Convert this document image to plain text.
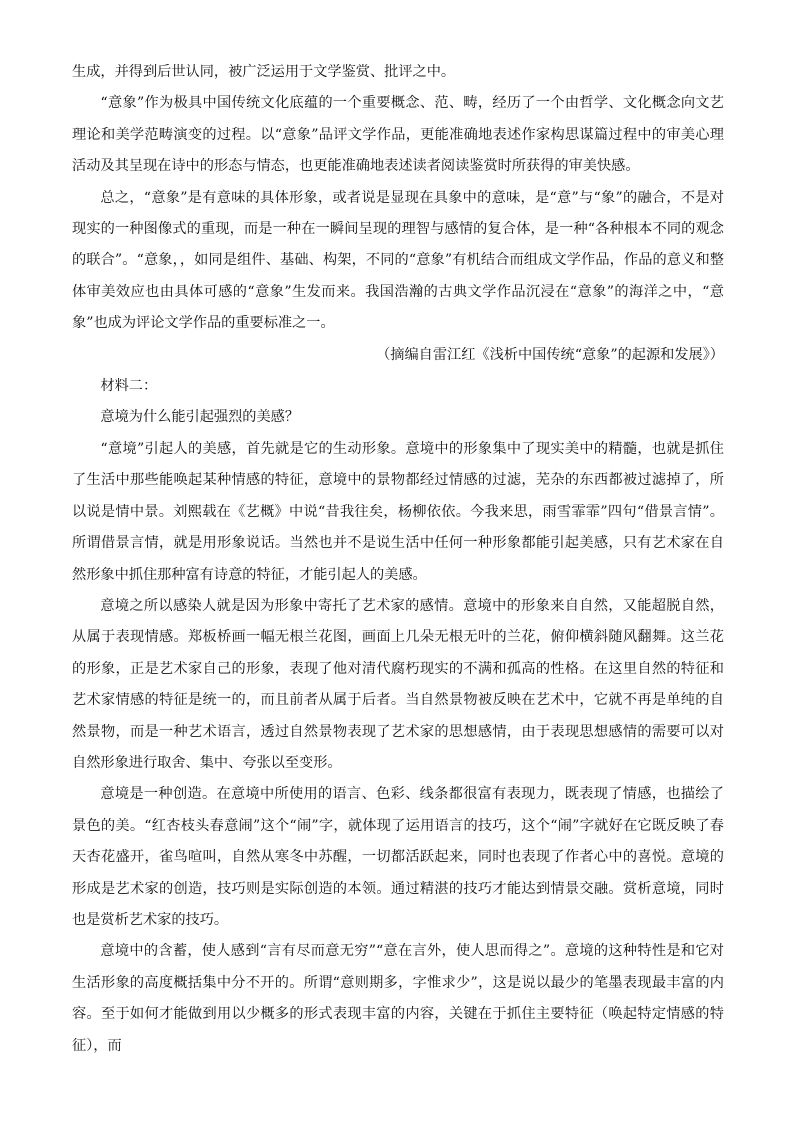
生成，并得到后世认同，被广泛运用于文学鉴赏、批评之中。

“意象”作为极具中国传统文化底蕴的一个重要概念、范、畴，经历了一个由哲学、文化概念向文艺理论和美学范畴演变的过程。以“意象”品评文学作品，更能准确地表述作家构思谋篇过程中的审美心理活动及其呈现在诗中的形态与情态，也更能准确地表述读者阅读鉴赏时所获得的审美快感。

总之，“意象”是有意味的具体形象，或者说是显现在具象中的意味，是“意”与“象”的融合，不是对现实的一种图像式的重现，而是一种在一瞬间呈现的理智与感情的复合体，是一种“各种根本不同的观念的联合”。“意象，，如同是组件、基础、构架，不同的“意象”有机结合而组成文学作品，作品的意义和整体审美效应也由具体可感的“意象”生发而来。我国浩瀚的古典文学作品沉浸在“意象”的海洋之中，“意象”也成为评论文学作品的重要标准之一。

（摘编自雷江红《浅析中国传统“意象”的起源和发展》）

材料二：

意境为什么能引起强烈的美感？

“意境”引起人的美感，首先就是它的生动形象。意境中的形象集中了现实美中的精髓，也就是抓住了生活中那些能唤起某种情感的特征，意境中的景物都经过情感的过滤，芜杂的东西都被过滤掉了，所以说是情中景。刘熙载在《艺概》中说“昔我往矣，杨柳依依。今我来思，雨雪霏霏”四句“借景言情”。所谓借景言情，就是用形象说话。当然也并不是说生活中任何一种形象都能引起美感，只有艺术家在自然形象中抓住那种富有诗意的特征，才能引起人的美感。

意境之所以感染人就是因为形象中寄托了艺术家的感情。意境中的形象来自自然，又能超脱自然，从属于表现情感。郑板桥画一幅无根兰花图，画面上几朵无根无叶的兰花，俯仰横斜随风翻舞。这兰花的形象，正是艺术家自己的形象，表现了他对清代腐朽现实的不满和孤高的性格。在这里自然的特征和艺术家情感的特征是统一的，而且前者从属于后者。当自然景物被反映在艺术中，它就不再是单纯的自然景物，而是一种艺术语言，透过自然景物表现了艺术家的思想感情，由于表现思想感情的需要可以对自然形象进行取舍、集中、夸张以至变形。

意境是一种创造。在意境中所使用的语言、色彩、线条都很富有表现力，既表现了情感，也描绘了景色的美。“红杏枝头春意闹”这个“闹”字，就体现了运用语言的技巧，这个“闹”字就好在它既反映了春天杏花盛开，雀鸟喧叫，自然从寒冬中苏醒，一切都活跃起来，同时也表现了作者心中的喜悦。意境的形成是艺术家的创造，技巧则是实际创造的本领。通过精湛的技巧才能达到情景交融。赏析意境，同时也是赏析艺术家的技巧。

意境中的含蓄，使人感到“言有尽而意无穷”“意在言外，使人思而得之”。意境的这种特性是和它对生活形象的高度概括集中分不开的。所谓“意则期多，字惟求少”，这是说以最少的笔墨表现最丰富的内容。至于如何才能做到用以少概多的形式表现丰富的内容，关键在于抓住主要特征（唤起特定情感的特征），而
